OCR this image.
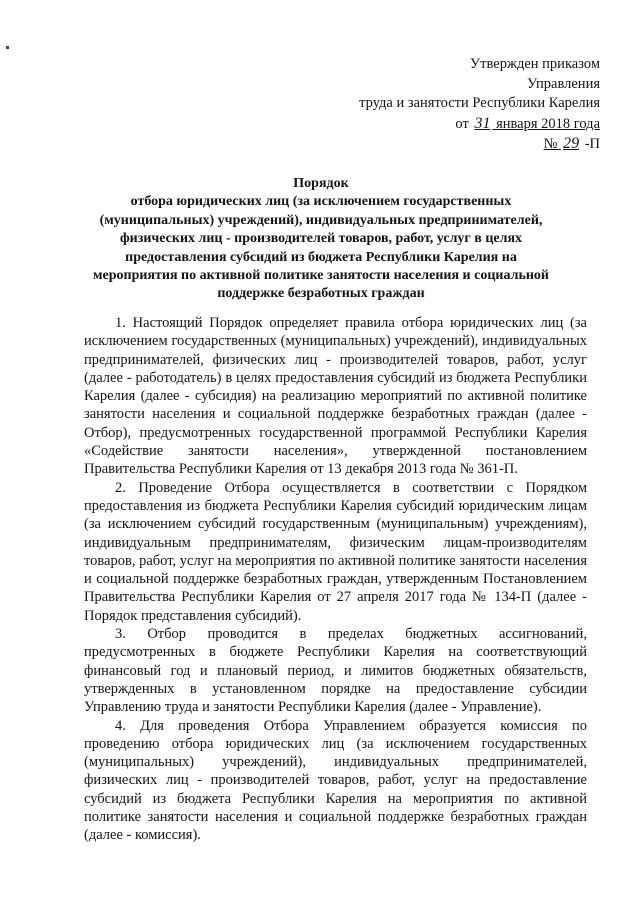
Утвержден приказом
Управления
труда и занятости Республики Карелия
от 31 января 2018 года
№ 29 -П
Порядок
отбора юридических лиц (за исключением государственных
(муниципальных) учреждений), индивидуальных предпринимателей,
физических лиц - производителей товаров, работ, услуг в целях
предоставления субсидий из бюджета Республики Карелия на
мероприятия по активной политике занятости населения и социальной
поддержке безработных граждан

1. Настоящий Порядок определяет правила отбора юридических лиц (за исключением государственных (муниципальных) учреждений), индивидуальных предпринимателей, физических лиц - производителей товаров, работ, услуг (далее - работодатель) в целях предоставления субсидий из бюджета Республики Карелия (далее - субсидия) на реализацию мероприятий по активной политике занятости населения и социальной поддержке безработных граждан (далее - Отбор), предусмотренных государственной программой Республики Карелия «Содействие занятости населения», утвержденной постановлением Правительства Республики Карелия от 13 декабря 2013 года № 361-П.

2. Проведение Отбора осуществляется в соответствии с Порядком предоставления из бюджета Республики Карелия субсидий юридическим лицам (за исключением субсидий государственным (муниципальным) учреждениям), индивидуальным предпринимателям, физическим лицам-производителям товаров, работ, услуг на мероприятия по активной политике занятости населения и социальной поддержке безработных граждан, утвержденным Постановлением Правительства Республики Карелия от 27 апреля 2017 года № 134-П (далее - Порядок представления субсидий).

3. Отбор проводится в пределах бюджетных ассигнований, предусмотренных в бюджете Республики Карелия на соответствующий финансовый год и плановый период, и лимитов бюджетных обязательств, утвержденных в установленном порядке на предоставление субсидии Управлению труда и занятости Республики Карелия (далее - Управление).

4. Для проведения Отбора Управлением образуется комиссия по проведению отбора юридических лиц (за исключением государственных (муниципальных) учреждений), индивидуальных предпринимателей, физических лиц - производителей товаров, работ, услуг на предоставление субсидий из бюджета Республики Карелия на мероприятия по активной политике занятости населения и социальной поддержке безработных граждан (далее - комиссия).
